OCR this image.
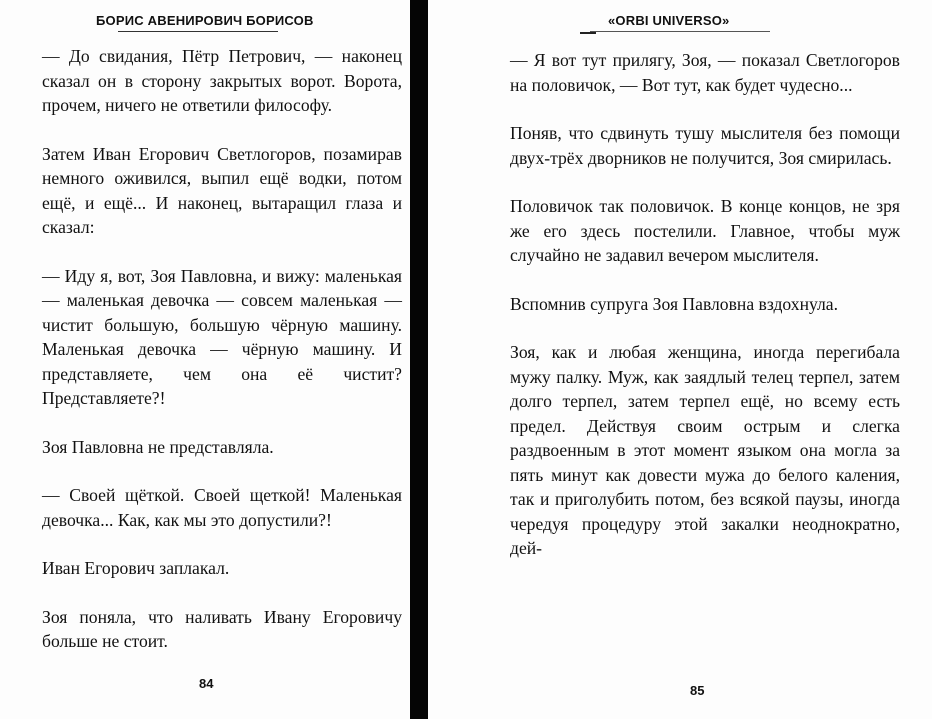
БОРИС АВЕНИРОВИЧ БОРИСОВ

— До свидания, Пётр Петрович, — наконец сказал он в сторону закрытых ворот. Ворота, прочем, ничего не ответили философу.

Затем Иван Егорович Светлогоров, позамирав немного оживился, выпил ещё водки, потом ещё, и ещё... И наконец, вытаращил глаза и сказал:

— Иду я, вот, Зоя Павловна, и вижу: маленькая — маленькая девочка — совсем маленькая — чистит большую, большую чёрную машину. Маленькая девочка — чёрную машину. И представляете, чем она её чистит? Представляете?!

Зоя Павловна не представляла.

— Своей щёткой. Своей щеткой! Маленькая девочка... Как, как мы это допустили?!

Иван Егорович заплакал.

Зоя поняла, что наливать Ивану Егоровичу больше не стоит.

84
«ORBI UNIVERSO»

— Я вот тут прилягу, Зоя, — показал Светлогоров на половичок, — Вот тут, как будет чудесно...

Поняв, что сдвинуть тушу мыслителя без помощи двух-трёх дворников не получится, Зоя смирилась.

Половичок так половичок. В конце концов, не зря же его здесь постелили. Главное, чтобы муж случайно не задавил вечером мыслителя.

Вспомнив супруга Зоя Павловна вздохнула.

Зоя, как и любая женщина, иногда перегибала мужу палку. Муж, как заядлый телец терпел, затем долго терпел, затем терпел ещё, но всему есть предел. Действуя своим острым и слегка раздвоенным в этот момент языком она могла за пять минут как довести мужа до белого каления, так и приголубить потом, без всякой паузы, иногда чередуя процедуру этой закалки неоднократно, дей-

85
